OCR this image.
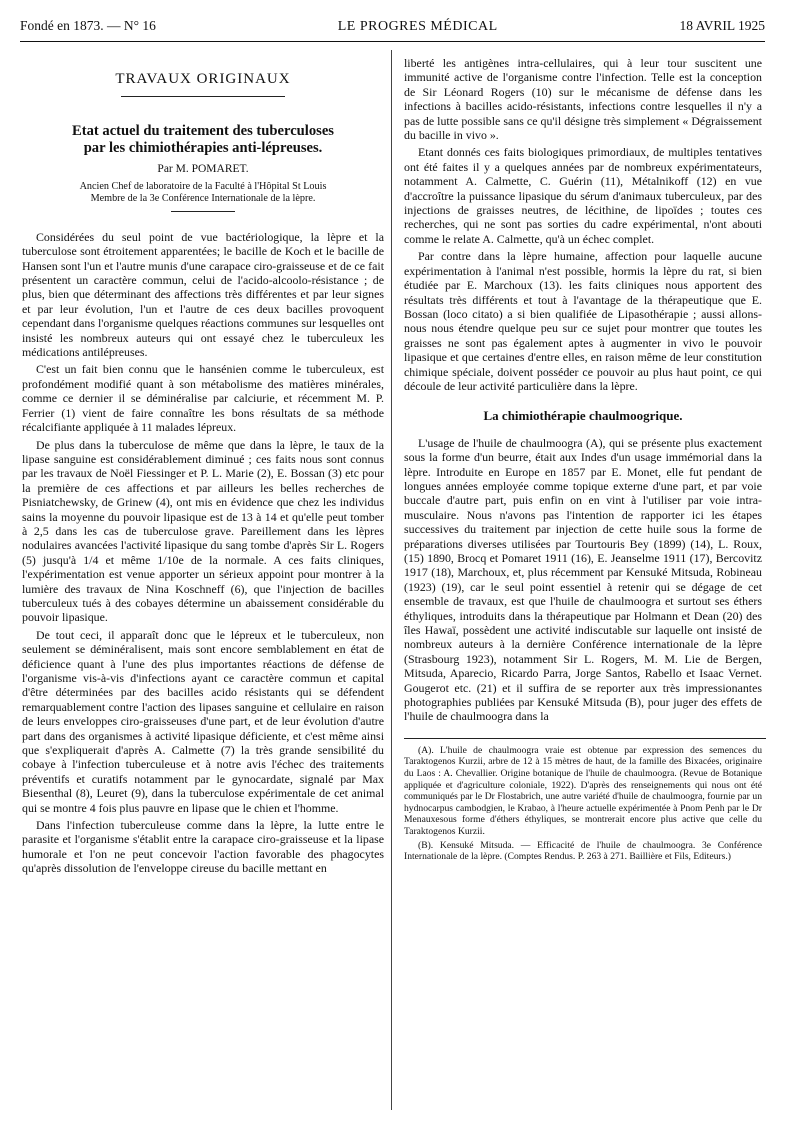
Fondé en 1873. — N° 16	LE PROGRES MÉDICAL	18 AVRIL 1925
TRAVAUX ORIGINAUX
Etat actuel du traitement des tuberculoses
par les chimiothérapies anti-lépreuses.
Par M. POMARET.
Ancien Chef de laboratoire de la Faculté à l'Hôpital St Louis
Membre de la 3e Conférence Internationale de la lèpre.

Considérées du seul point de vue bactériologique, la lèpre et la tuberculose sont étroitement apparentées; le bacille de Koch et le bacille de Hansen sont l'un et l'autre munis d'une carapace ciro-graisseuse et de ce fait présentent un caractère commun, celui de l'acido-alcoolo-résistance ; de plus, bien que déterminant des affections très différentes et par leur signes et par leur évolution, l'un et l'autre de ces deux bacilles provoquent cependant dans l'organisme quelques réactions communes sur lesquelles ont insisté les nombreux auteurs qui ont essayé chez le tuberculeux les médications antilépreuses.

C'est un fait bien connu que le hansénien comme le tuberculeux, est profondément modifié quant à son métabolisme des matières minérales, comme ce dernier il se déminéralise par calciurie, et récemment M. P. Ferrier (1) vient de faire connaître les bons résultats de sa méthode récalcifiante appliquée à 11 malades lépreux.

De plus dans la tuberculose de même que dans la lèpre, le taux de la lipase sanguine est considérablement diminué ; ces faits nous sont connus par les travaux de Noël Fiessinger et P. L. Marie (2), E. Bossan (3) etc pour la première de ces affections et par ailleurs les belles recherches de Pisniatchewsky, de Grinew (4), ont mis en évidence que chez les individus sains la moyenne du pouvoir lipasique est de 13 à 14 et qu'elle peut tomber à 2,5 dans les cas de tuberculose grave. Pareillement dans les lèpres nodulaires avancées l'activité lipasique du sang tombe d'après Sir L. Rogers (5) jusqu'à 1/4 et même 1/10e de la normale. A ces faits cliniques, l'expérimentation est venue apporter un sérieux appoint pour montrer à la lumière des travaux de Nina Koschneff (6), que l'injection de bacilles tuberculeux tués à des cobayes détermine un abaissement considérable du pouvoir lipasique.

De tout ceci, il apparaît donc que le lépreux et le tuberculeux, non seulement se déminéralisent, mais sont encore semblablement en état de déficience quant à l'une des plus importantes réactions de défense de l'organisme vis-à-vis d'infections ayant ce caractère commun et capital d'être déterminées par des bacilles acido résistants qui se défendent remarquablement contre l'action des lipases sanguine et cellulaire en raison de leurs enveloppes ciro-graisseuses d'une part, et de leur évolution d'autre part dans des organismes à activité lipasique déficiente, et c'est même ainsi que s'expliquerait d'après A. Calmette (7) la très grande sensibilité du cobaye à l'infection tuberculeuse et à notre avis l'échec des traitements préventifs et curatifs notamment par le gynocardate, signalé par Max Biesenthal (8), Leuret (9), dans la tuberculose expérimentale de cet animal qui se montre 4 fois plus pauvre en lipase que le chien et l'homme.

Dans l'infection tuberculeuse comme dans la lèpre, la lutte entre le parasite et l'organisme s'établit entre la carapace ciro-graisseuse et la lipase humorale et l'on ne peut concevoir l'action favorable des phagocytes qu'après dissolution de l'enveloppe cireuse du bacille mettant en

liberté les antigènes intra-cellulaires, qui à leur tour suscitent une immunité active de l'organisme contre l'infection. Telle est la conception de Sir Léonard Rogers (10) sur le mécanisme de défense dans les infections à bacilles acido-résistants, infections contre lesquelles il n'y a pas de lutte possible sans ce qu'il désigne très simplement « Dégraissement du bacille in vivo ».

Etant donnés ces faits biologiques primordiaux, de multiples tentatives ont été faites il y a quelques années par de nombreux expérimentateurs, notamment A. Calmette, C. Guérin (11), Métalnikoff (12) en vue d'accroître la puissance lipasique du sérum d'animaux tuberculeux, par des injections de graisses neutres, de lécithine, de lipoïdes ; toutes ces recherches, qui ne sont pas sorties du cadre expérimental, n'ont abouti comme le relate A. Calmette, qu'à un échec complet.

Par contre dans la lèpre humaine, affection pour laquelle aucune expérimentation à l'animal n'est possible, hormis la lèpre du rat, si bien étudiée par E. Marchoux (13). les faits cliniques nous apportent des résultats très différents et tout à l'avantage de la thérapeutique que E. Bossan (loco citato) a si bien qualifiée de Lipasothérapie ; aussi allons-nous nous étendre quelque peu sur ce sujet pour montrer que toutes les graisses ne sont pas également aptes à augmenter in vivo le pouvoir lipasique et que certaines d'entre elles, en raison même de leur constitution chimique spéciale, doivent posséder ce pouvoir au plus haut point, ce qui découle de leur activité particulière dans la lèpre.

La chimiothérapie chaulmoogrique.

L'usage de l'huile de chaulmoogra (A), qui se présente plus exactement sous la forme d'un beurre, était aux Indes d'un usage immémorial dans la lèpre. Introduite en Europe en 1857 par E. Monet, elle fut pendant de longues années employée comme topique externe d'une part, et par voie buccale d'autre part, puis enfin on en vint à l'utiliser par voie intra-musculaire. Nous n'avons pas l'intention de rapporter ici les étapes successives du traitement par injection de cette huile sous la forme de préparations diverses utilisées par Tourtouris Bey (1899) (14), L. Roux, (15) 1890, Brocq et Pomaret 1911 (16), E. Jeanselme 1911 (17), Bercovitz 1917 (18), Marchoux, et, plus récemment par Kensuké Mitsuda, Robineau (1923) (19), car le seul point essentiel à retenir qui se dégage de cet ensemble de travaux, est que l'huile de chaulmoogra et surtout ses éthers éthyliques, introduits dans la thérapeutique par Holmann et Dean (20) des îles Hawaï, possèdent une activité indiscutable sur laquelle ont insisté de nombreux auteurs à la dernière Conférence internationale de la lèpre (Strasbourg 1923), notamment Sir L. Rogers, M. M. Lie de Bergen, Mitsuda, Aparecio, Ricardo Parra, Jorge Santos, Rabello et Isaac Vernet. Gougerot etc. (21) et il suffira de se reporter aux très impressionantes photographies publiées par Kensuké Mitsuda (B), pour juger des effets de l'huile de chaulmoogra dans la

(A). L'huile de chaulmoogra vraie est obtenue par expression des semences du Taraktogenos Kurzii, arbre de 12 à 15 mètres de haut, de la famille des Bixacées, originaire du Laos : A. Chevallier. Origine botanique de l'huile de chaulmoogra. (Revue de Botanique appliquée et d'agriculture coloniale, 1922). D'après des renseignements qui nous ont été communiqués par le Dr Flostabrich, une autre variété d'huile de chaulmoogra, fournie par un hydnocarpus cambodgien, le Krabao, à l'heure actuelle expérimentée à Pnom Penh par le Dr Menauxesous forme d'éthers éthyliques, se montrerait encore plus active que celle du Taraktogenos Kurzii.

(B). Kensuké Mitsuda. — Efficacité de l'huile de chaulmoogra. 3e Conférence Internationale de la lèpre. (Comptes Rendus. P. 263 à 271. Baillière et Fils, Editeurs.)
